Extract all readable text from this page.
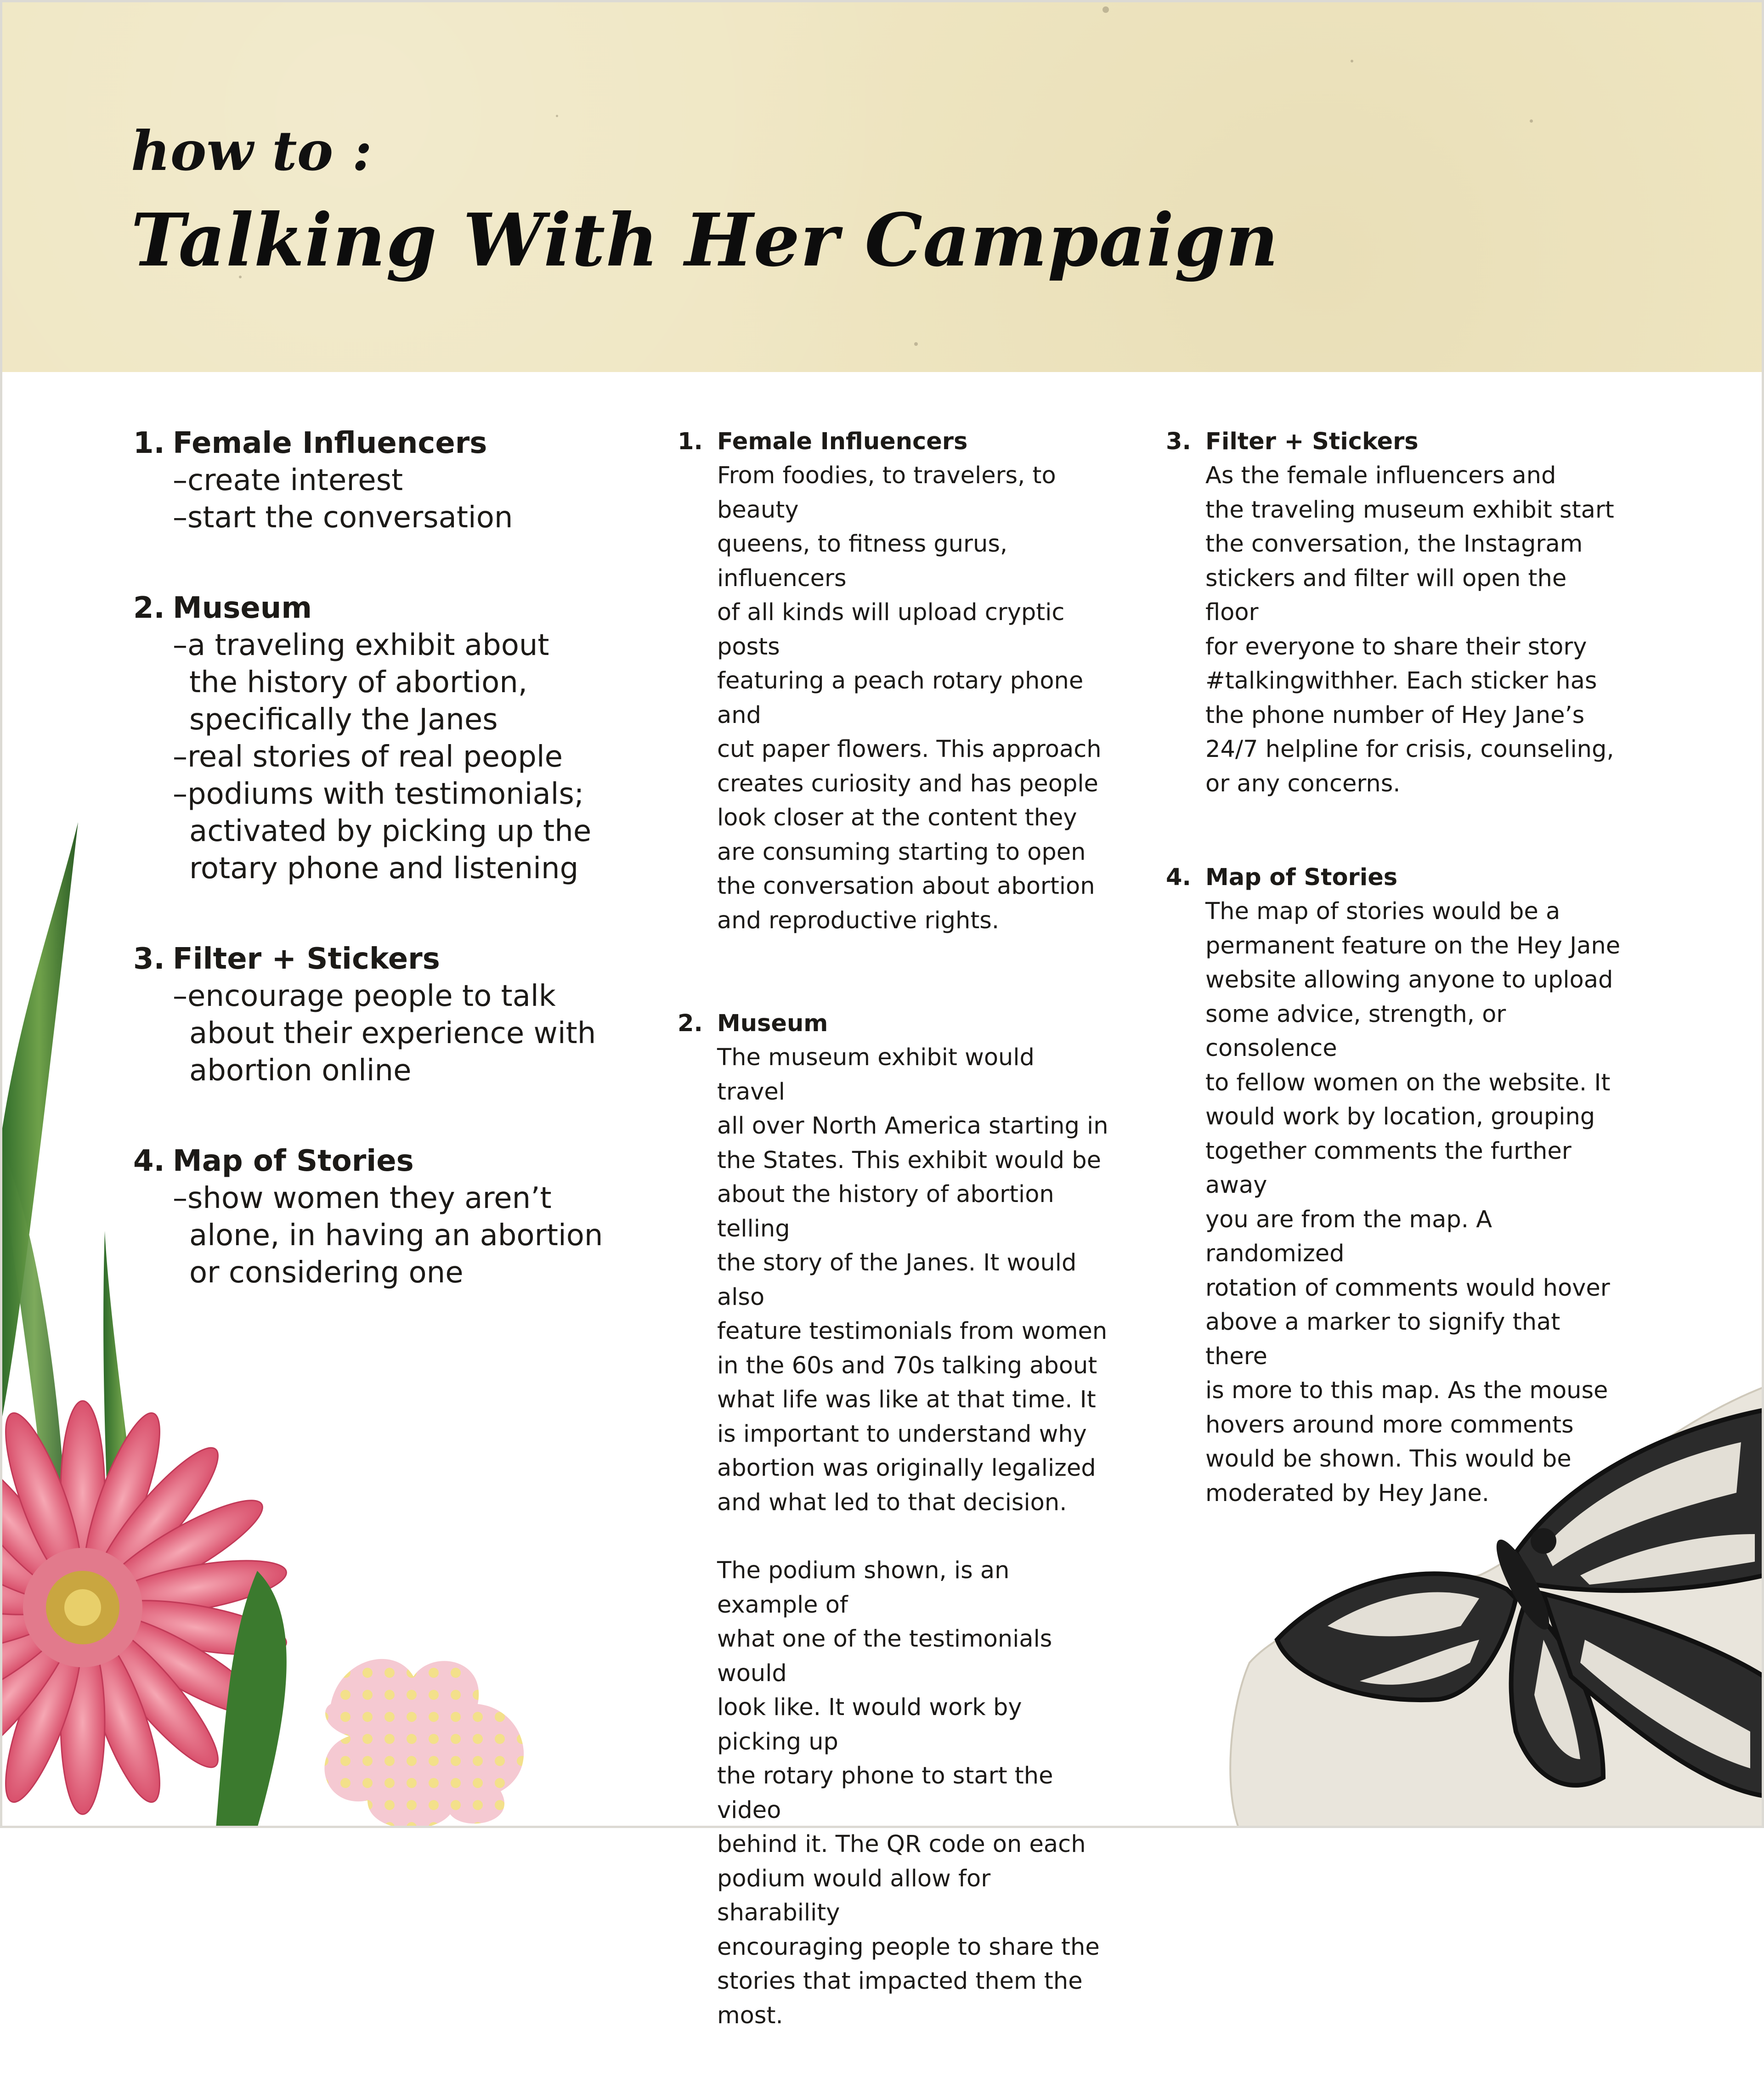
how to :
Talking With Her Campaign
1. Female Influencers
–create interest
–start the conversation
2. Museum
–a traveling exhibit about
the history of abortion,
specifically the Janes
–real stories of real people
–podiums with testimonials;
activated by picking up the
rotary phone and listening
3. Filter + Stickers
–encourage people to talk
about their experience with
abortion online
4. Map of Stories
–show women they aren’t
alone, in having an abortion
or considering one
1. Female Influencers

From foodies, to travelers, to beauty
queens, to fitness gurus, influencers
of all kinds will upload cryptic posts
featuring a peach rotary phone and
cut paper flowers. This approach
creates curiosity and has people
look closer at the content they
are consuming starting to open
the conversation about abortion
and reproductive rights.

2. Museum

The museum exhibit would travel
all over North America starting in
the States. This exhibit would be
about the history of abortion telling
the story of the Janes. It would also
feature testimonials from women
in the 60s and 70s talking about
what life was like at that time. It
is important to understand why
abortion was originally legalized
and what led to that decision.

The podium shown, is an example of
what one of the testimonials would
look like. It would work by picking up
the rotary phone to start the video
behind it. The QR code on each
podium would allow for sharability
encouraging people to share the
stories that impacted them the most.

3. Filter + Stickers

As the female influencers and
the traveling museum exhibit start
the conversation, the Instagram
stickers and filter will open the floor
for everyone to share their story
#talkingwithher. Each sticker has
the phone number of Hey Jane’s
24/7 helpline for crisis, counseling,
or any concerns.

4. Map of Stories

The map of stories would be a
permanent feature on the Hey Jane
website allowing anyone to upload
some advice, strength, or consolence
to fellow women on the website. It
would work by location, grouping
together comments the further away
you are from the map. A randomized
rotation of comments would hover
above a marker to signify that there
is more to this map. As the mouse
hovers around more comments
would be shown. This would be
moderated by Hey Jane.
